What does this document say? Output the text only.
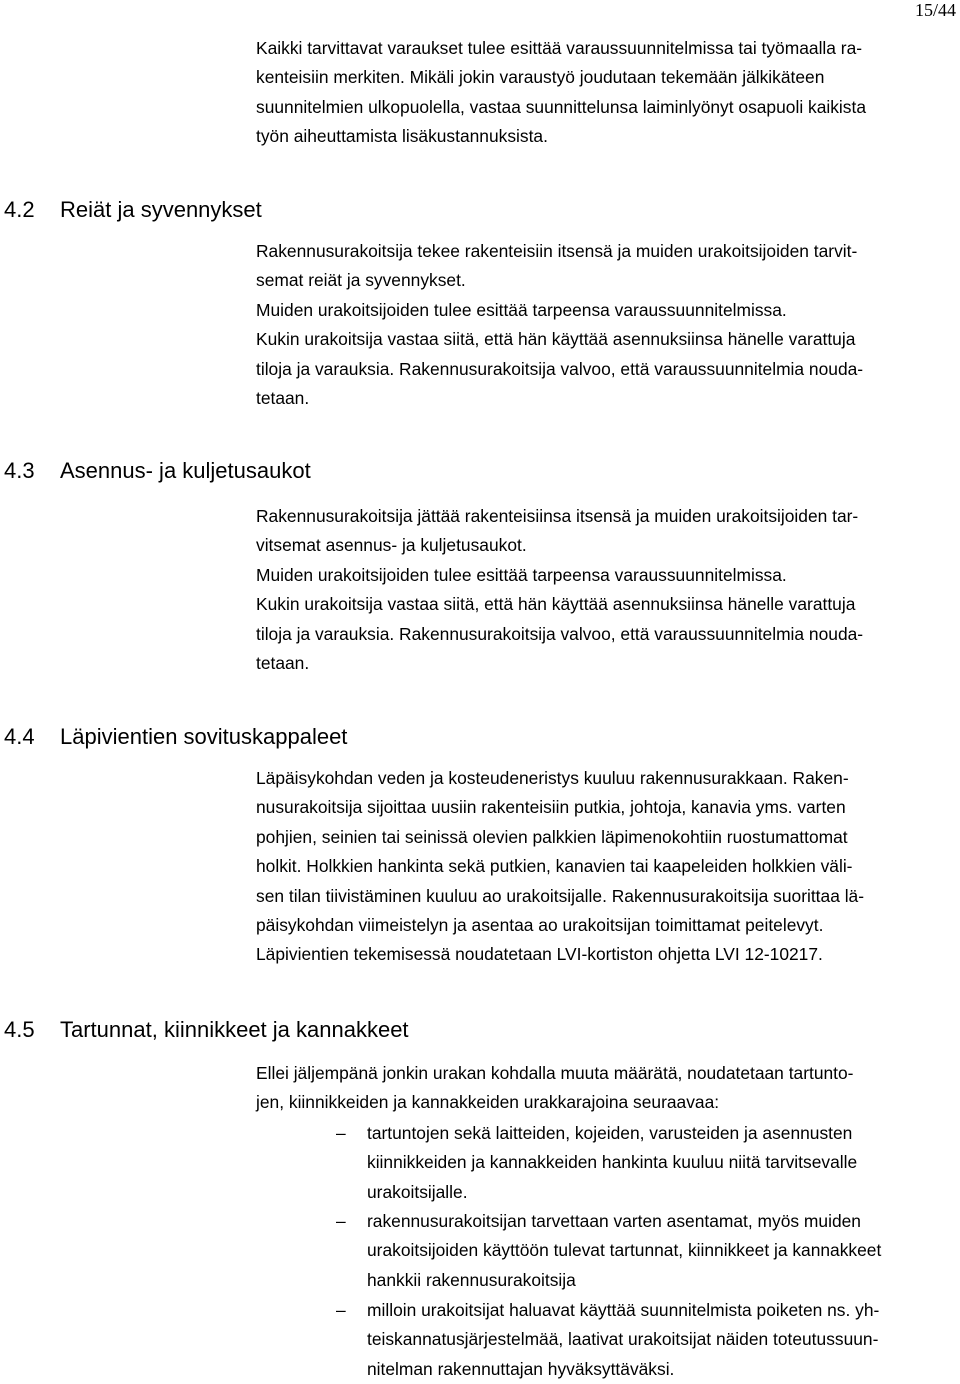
15/44
Kaikki tarvittavat varaukset tulee esittää varaussuunnitelmissa tai työmaalla ra-
kenteisiin merkiten. Mikäli jokin varaustyö joudutaan tekemään jälkikäteen
suunnitelmien ulkopuolella, vastaa suunnittelunsa laiminlyönyt osapuoli kaikista
työn aiheuttamista lisäkustannuksista.
4.2 Reiät ja syvennykset
Rakennusurakoitsija tekee rakenteisiin itsensä ja muiden urakoitsijoiden tarvit-
semat reiät ja syvennykset.
Muiden urakoitsijoiden tulee esittää tarpeensa varaussuunnitelmissa.
Kukin urakoitsija vastaa siitä, että hän käyttää asennuksiinsa hänelle varattuja
tiloja ja varauksia. Rakennusurakoitsija valvoo, että varaussuunnitelmia nouda-
tetaan.
4.3 Asennus- ja kuljetusaukot
Rakennusurakoitsija jättää rakenteisiinsa itsensä ja muiden urakoitsijoiden tar-
vitsemat asennus- ja kuljetusaukot.
Muiden urakoitsijoiden tulee esittää tarpeensa varaussuunnitelmissa.
Kukin urakoitsija vastaa siitä, että hän käyttää asennuksiinsa hänelle varattuja
tiloja ja varauksia. Rakennusurakoitsija valvoo, että varaussuunnitelmia nouda-
tetaan.
4.4 Läpivientien sovituskappaleet
Läpäisykohdan veden ja kosteudeneristys kuuluu rakennusurakkaan. Raken-
nusurakoitsija sijoittaa uusiin rakenteisiin putkia, johtoja, kanavia yms. varten
pohjien, seinien tai seinissä olevien palkkien läpimenokohtiin ruostumattomat
holkit. Holkkien hankinta sekä putkien, kanavien tai kaapeleiden holkkien väli-
sen tilan tiivistäminen kuuluu ao urakoitsijalle. Rakennusurakoitsija suorittaa lä-
päisykohdan viimeistelyn ja asentaa ao urakoitsijan toimittamat peitelevyt.
Läpivientien tekemisessä noudatetaan LVI-kortiston ohjetta LVI 12-10217.
4.5 Tartunnat, kiinnikkeet ja kannakkeet
Ellei jäljempänä jonkin urakan kohdalla muuta määrätä, noudatetaan tartunto-
jen, kiinnikkeiden ja kannakkeiden urakkarajoina seuraavaa:
– tartuntojen sekä laitteiden, kojeiden, varusteiden ja asennusten
kiinnikkeiden ja kannakkeiden hankinta kuuluu niitä tarvitsevalle
urakoitsijalle.
– rakennusurakoitsijan tarvettaan varten asentamat, myös muiden
urakoitsijoiden käyttöön tulevat tartunnat, kiinnikkeet ja kannakkeet
hankkii rakennusurakoitsija
– milloin urakoitsijat haluavat käyttää suunnitelmista poiketen ns. yh-
teiskannatusjärjestelmää, laativat urakoitsijat näiden toteutussuun-
nitelman rakennuttajan hyväksyttäväksi.
